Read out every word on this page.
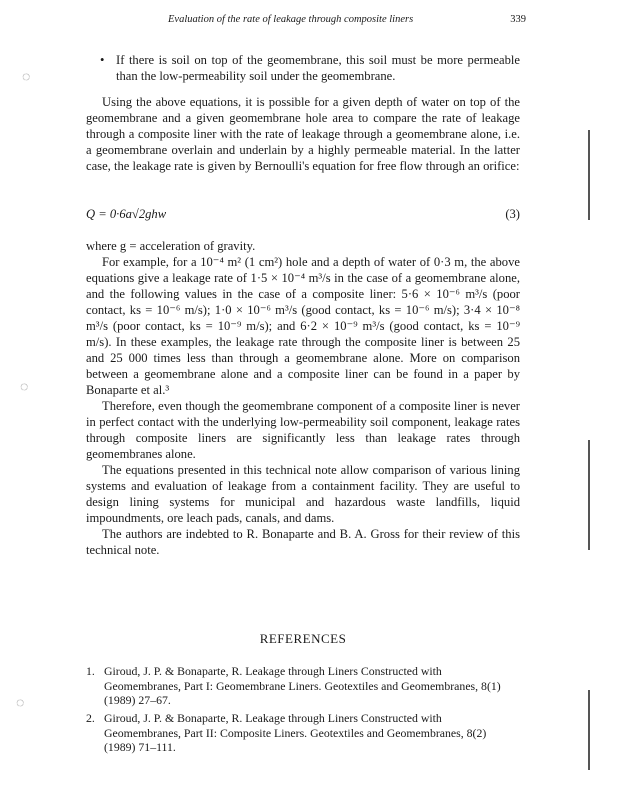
Evaluation of the rate of leakage through composite liners	339
• If there is soil on top of the geomembrane, this soil must be more permeable than the low-permeability soil under the geomembrane.

Using the above equations, it is possible for a given depth of water on top of the geomembrane and a given geomembrane hole area to compare the rate of leakage through a composite liner with the rate of leakage through a geomembrane alone, i.e. a geomembrane overlain and underlain by a highly permeable material. In the latter case, the leakage rate is given by Bernoulli's equation for free flow through an orifice:

Q = 0·6a√2ghw	(3)

where g = acceleration of gravity.

For example, for a 10⁻⁴ m² (1 cm²) hole and a depth of water of 0·3 m, the above equations give a leakage rate of 1·5 × 10⁻⁴ m³/s in the case of a geomembrane alone, and the following values in the case of a composite liner: 5·6 × 10⁻⁶ m³/s (poor contact, ks = 10⁻⁶ m/s); 1·0 × 10⁻⁶ m³/s (good contact, ks = 10⁻⁶ m/s); 3·4 × 10⁻⁸ m³/s (poor contact, ks = 10⁻⁹ m/s); and 6·2 × 10⁻⁹ m³/s (good contact, ks = 10⁻⁹ m/s). In these examples, the leakage rate through the composite liner is between 25 and 25 000 times less than through a geomembrane alone. More on comparison between a geomembrane alone and a composite liner can be found in a paper by Bonaparte et al.³

Therefore, even though the geomembrane component of a composite liner is never in perfect contact with the underlying low-permeability soil component, leakage rates through composite liners are significantly less than leakage rates through geomembranes alone.

The equations presented in this technical note allow comparison of various lining systems and evaluation of leakage from a containment facility. They are useful to design lining systems for municipal and hazardous waste landfills, liquid impoundments, ore leach pads, canals, and dams.

The authors are indebted to R. Bonaparte and B. A. Gross for their review of this technical note.

REFERENCES
1. Giroud, J. P. & Bonaparte, R. Leakage through Liners Constructed with Geomembranes, Part I: Geomembrane Liners. Geotextiles and Geomembranes, 8(1) (1989) 27–67.
2. Giroud, J. P. & Bonaparte, R. Leakage through Liners Constructed with Geomembranes, Part II: Composite Liners. Geotextiles and Geomembranes, 8(2) (1989) 71–111.
◌
◌
◌
